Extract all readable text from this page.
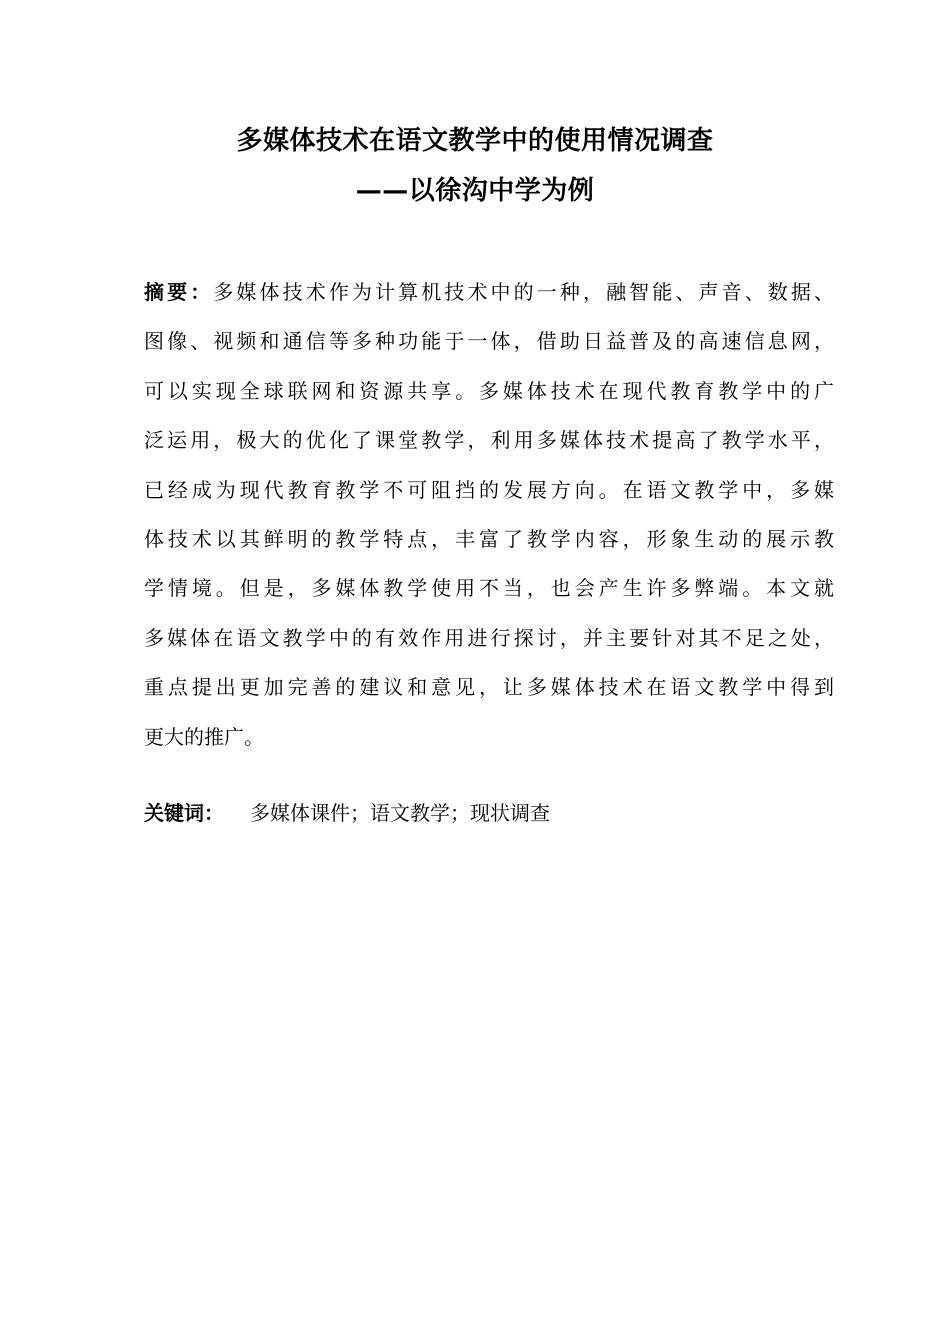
多媒体技术在语文教学中的使用情况调查
——以徐沟中学为例
摘要：多媒体技术作为计算机技术中的一种，融智能、声音、数据、
图像、视频和通信等多种功能于一体，借助日益普及的高速信息网，
可以实现全球联网和资源共享。多媒体技术在现代教育教学中的广
泛运用，极大的优化了课堂教学，利用多媒体技术提高了教学水平，
已经成为现代教育教学不可阻挡的发展方向。在语文教学中，多媒
体技术以其鲜明的教学特点，丰富了教学内容，形象生动的展示教
学情境。但是，多媒体教学使用不当，也会产生许多弊端。本文就
多媒体在语文教学中的有效作用进行探讨，并主要针对其不足之处，
重点提出更加完善的建议和意见，让多媒体技术在语文教学中得到
更大的推广。
关键词： 多媒体课件；语文教学；现状调查
